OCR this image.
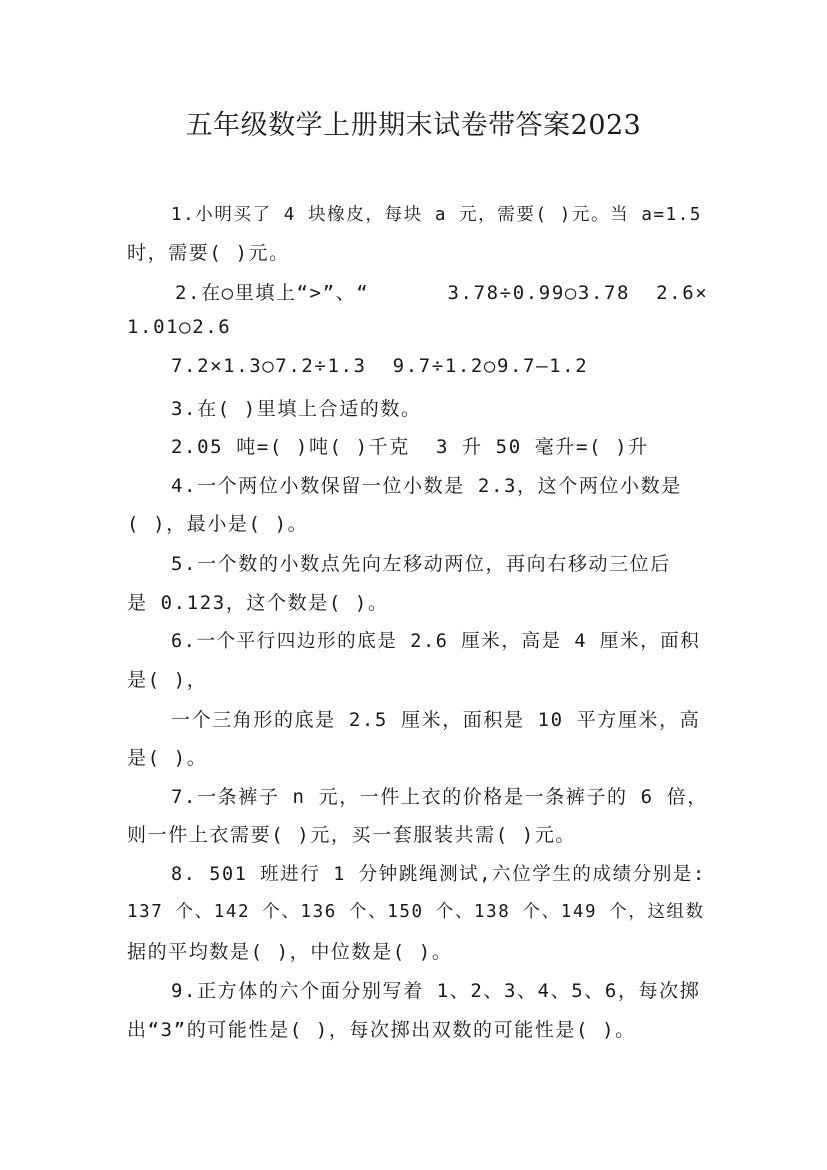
五年级数学上册期末试卷带答案2023
1.小明买了 4 块橡皮，每块 a 元，需要( )元。当 a=1.5
时，需要( )元。
2.在○里填上“>”、“      3.78÷0.99○3.78  2.6×
1.01○2.6
7.2×1.3○7.2÷1.3  9.7÷1.2○9.7—1.2
3.在( )里填上合适的数。
2.05 吨=( )吨( )千克  3 升 50 毫升=( )升
4.一个两位小数保留一位小数是 2.3，这个两位小数是
( )，最小是( )。
5.一个数的小数点先向左移动两位，再向右移动三位后
是 0.123，这个数是( )。
6.一个平行四边形的底是 2.6 厘米，高是 4 厘米，面积
是( )，
一个三角形的底是 2.5 厘米，面积是 10 平方厘米，高
是( )。
7.一条裤子 n 元，一件上衣的价格是一条裤子的 6 倍，
则一件上衣需要( )元，买一套服装共需( )元。
8. 501 班进行 1 分钟跳绳测试,六位学生的成绩分别是:
137 个、142 个、136 个、150 个、138 个、149 个，这组数
据的平均数是( )，中位数是( )。
9.正方体的六个面分别写着 1、2、3、4、5、6，每次掷
出“3”的可能性是( )，每次掷出双数的可能性是( )。
